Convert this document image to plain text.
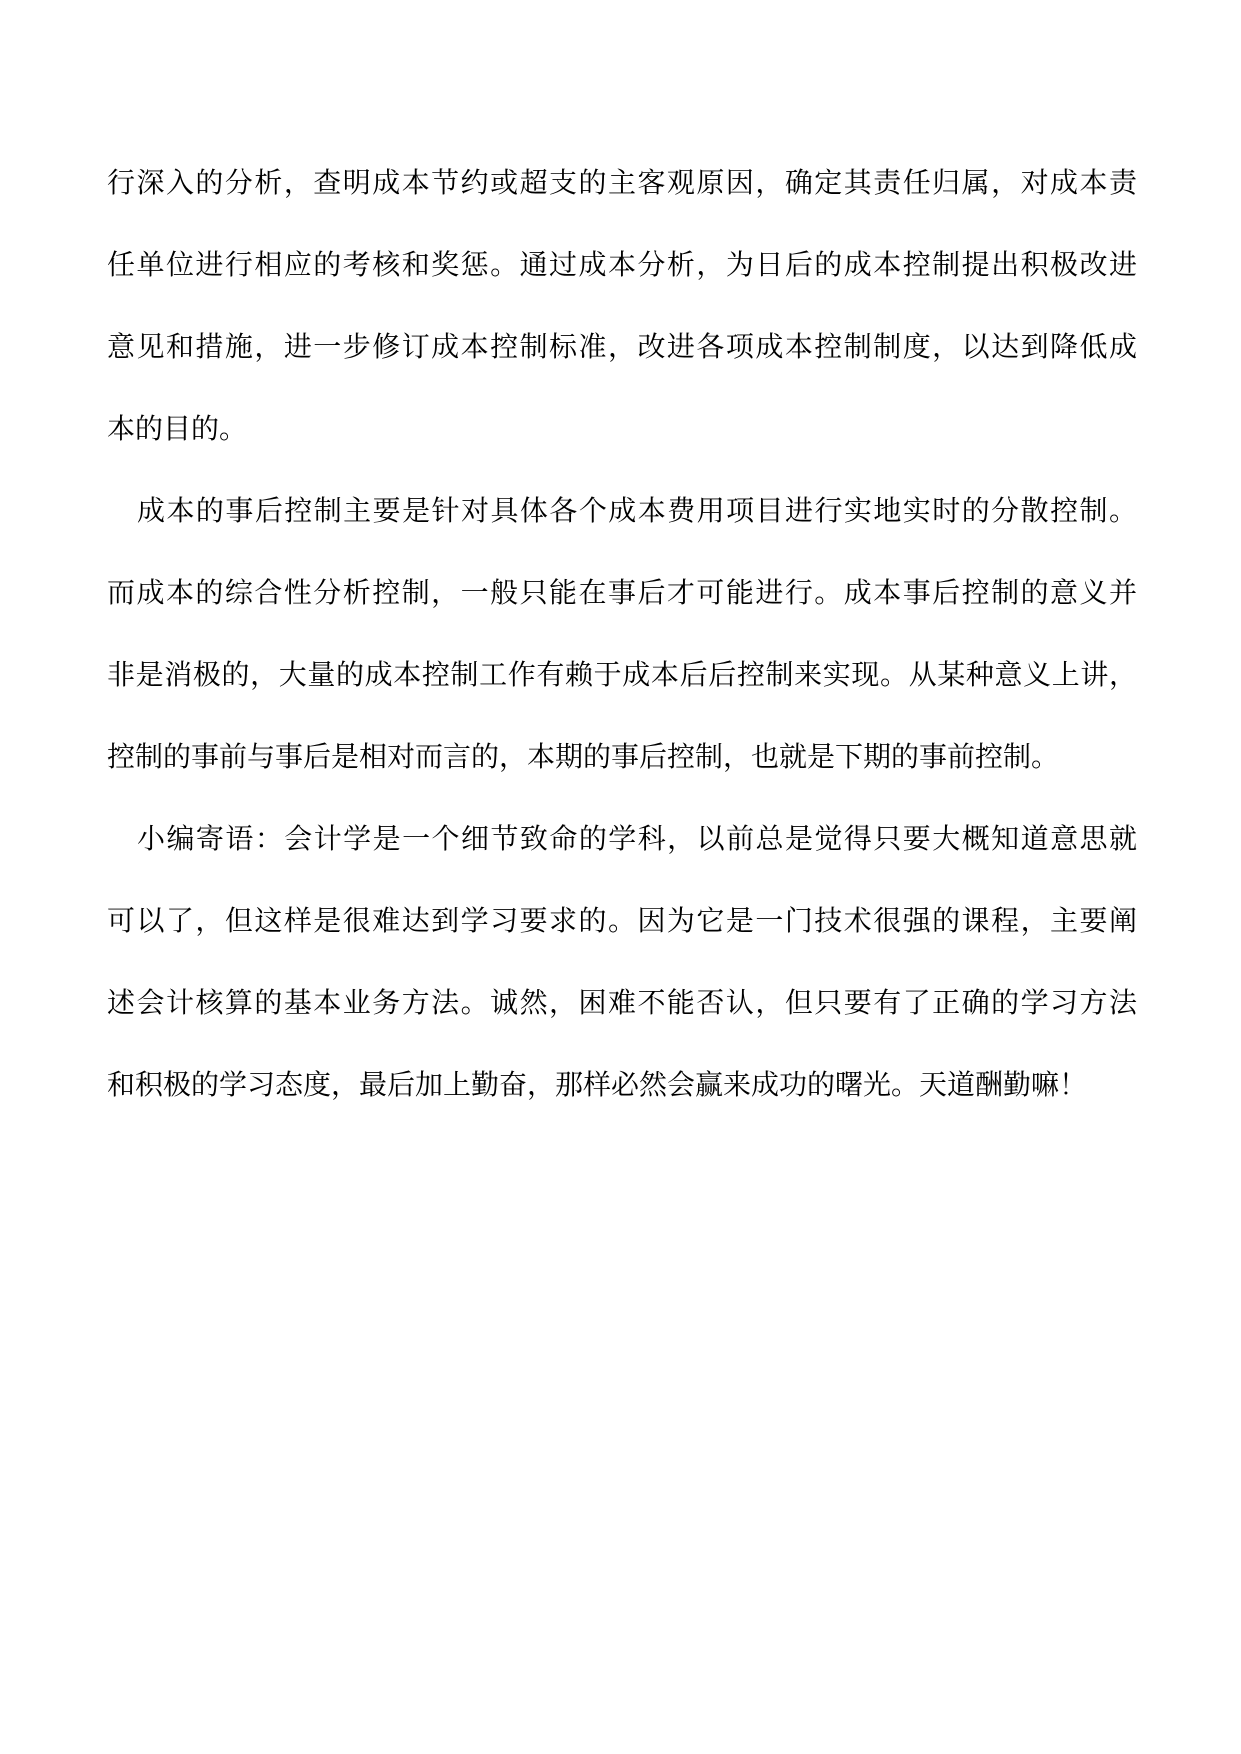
行深入的分析，查明成本节约或超支的主客观原因，确定其责任归属，对成本责
任单位进行相应的考核和奖惩。通过成本分析，为日后的成本控制提出积极改进
意见和措施，进一步修订成本控制标准，改进各项成本控制制度，以达到降低成
本的目的。
成本的事后控制主要是针对具体各个成本费用项目进行实地实时的分散控制。
而成本的综合性分析控制，一般只能在事后才可能进行。成本事后控制的意义并
非是消极的，大量的成本控制工作有赖于成本后后控制来实现。从某种意义上讲，
控制的事前与事后是相对而言的，本期的事后控制，也就是下期的事前控制。
小编寄语：会计学是一个细节致命的学科，以前总是觉得只要大概知道意思就
可以了，但这样是很难达到学习要求的。因为它是一门技术很强的课程，主要阐
述会计核算的基本业务方法。诚然，困难不能否认，但只要有了正确的学习方法
和积极的学习态度，最后加上勤奋，那样必然会赢来成功的曙光。天道酬勤嘛！
